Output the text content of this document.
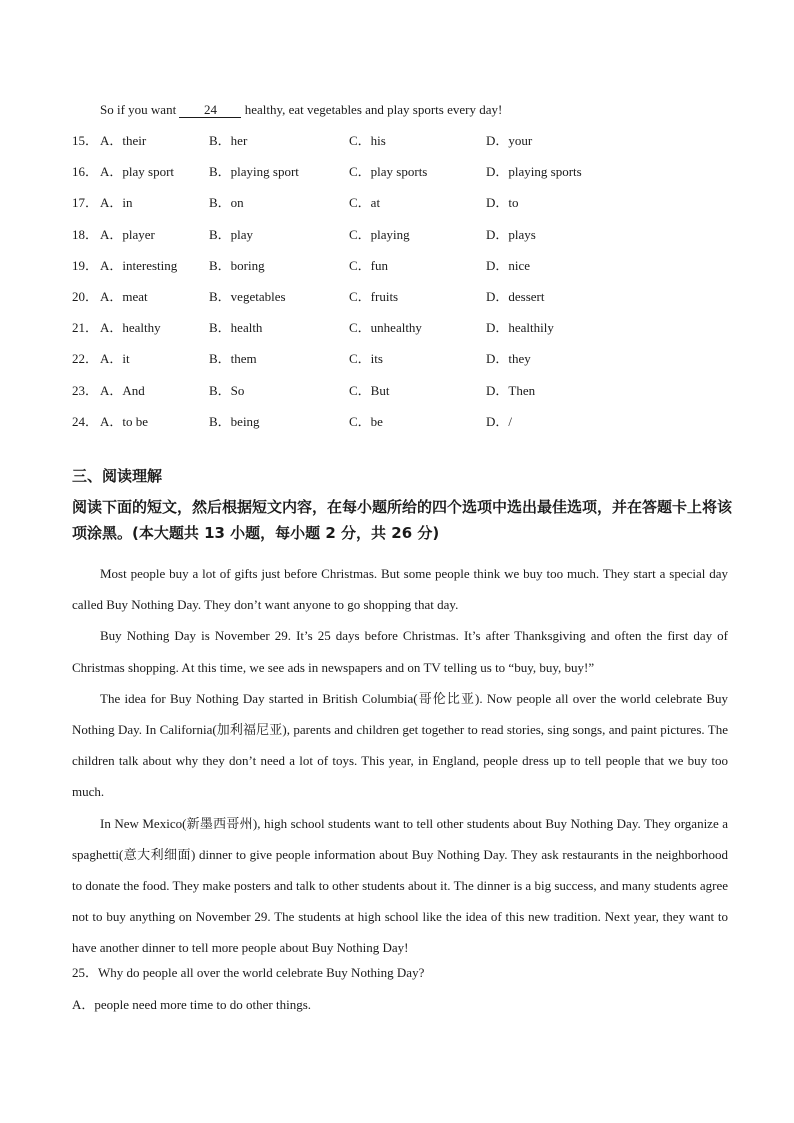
So if you want 24 healthy, eat vegetables and play sports every day!
15． A．their	B．her	C．his	D．your
16． A．play sport	B．playing sport	C．play sports	D．playing sports
17． A．in	B．on	C．at	D．to
18． A．player	B．play	C．playing	D．plays
19． A．interesting B．boring	C．fun	D．nice
20． A．meat	B．vegetables	C．fruits	D．dessert
21． A．healthy	B．health	C．unhealthy	D．healthily
22． A．it	B．them	C．its	D．they
23． A．And	B．So	C．But	D．Then
24． A．to be	B．being	C．be	D．/
三、阅读理解
阅读下面的短文，然后根据短文内容，在每小题所给的四个选项中选出最佳选项，并在答题卡上将该项涂黑。(本大题共 13 小题，每小题 2 分，共 26 分)

Most people buy a lot of gifts just before Christmas. But some people think we buy too much. They start a special day called Buy Nothing Day. They don’t want anyone to go shopping that day.

Buy Nothing Day is November 29. It’s 25 days before Christmas. It’s after Thanksgiving and often the first day of Christmas shopping. At this time, we see ads in newspapers and on TV telling us to “buy, buy, buy!”

The idea for Buy Nothing Day started in British Columbia(哥伦比亚). Now people all over the world celebrate Buy Nothing Day. In California(加利福尼亚), parents and children get together to read stories, sing songs, and paint pictures. The children talk about why they don’t need a lot of toys. This year, in England, people dress up to tell people that we buy too much.

In New Mexico(新墨西哥州), high school students want to tell other students about Buy Nothing Day. They organize a spaghetti(意大利细面) dinner to give people information about Buy Nothing Day. They ask restaurants in the neighborhood to donate the food. They make posters and talk to other students about it. The dinner is a big success, and many students agree not to buy anything on November 29. The students at high school like the idea of this new tradition. Next year, they want to have another dinner to tell more people about Buy Nothing Day!

25．Why do people all over the world celebrate Buy Nothing Day?
A．people need more time to do other things.
